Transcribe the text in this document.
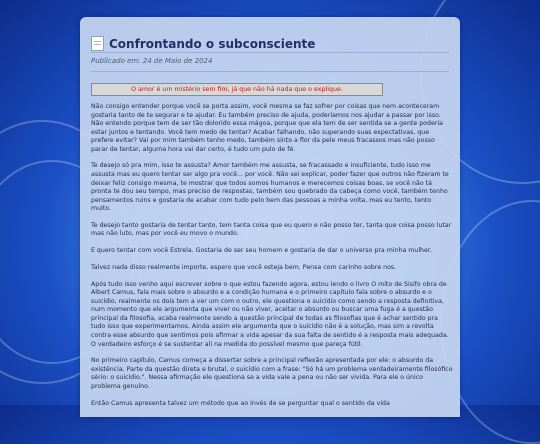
Confrontando o subconsciente
Publicado em: 24 de Maio de 2024
O amor é um mistério sem fim, já que não há nada que o explique.

Não consigo entender porque você se porta assim, você mesma se faz sofrer por coisas que nem aconteceram gostaria tanto de te segurar e te ajudar. Eu também preciso de ajuda, poderíamos nos ajudar a passar por isso. Não entendo porque tem de ser tão dolorido essa mágoa, porque que ela tem de ser sentida se a gente poderia estar juntos e tentando. Você tem medo de tentar? Acabar falhando, não superando suas expectativas, que prefere evitar? Vai por mim também tenho medo, também sinto a flor da pele meus fracassos mas não posso parar de tentar, alguma hora vai dar certo, é tudo um pulo de fé.

Te desejo só pra mim, isso te assusta? Amor também me assusta, se fracassado e insuficiente, tudo isso me assusta mas eu quero tentar ser algo pra você... por você. Não sei explicar, poder fazer que outros não fizeram te deixar feliz consigo mesma, te mostrar que todos somos humanos e merecemos coisas boas, se você não tá pronta te dou seu tempo, mas preciso de respostas, também sou quebrado da cabeça como você, também tenho pensamentos ruins e gostaria de acabar com tudo pelo bem das pessoas a minha volta, mas eu tento, tento muito.

Te desejo tanto gostaria de tentar tanto, tem tanta coisa que eu quero e não posso ter, tanta que coisa posso lutar mas não luto, mas por você eu movo o mundo.

E quero tentar com você Estrela. Gostaria de ser seu homem e gostaria de dar o universo pra minha mulher.

Talvez nada disso realmente importe, espero que você esteja bem. Pensa com carinho sobre nos.

Após tudo isso venho aqui escrever sobre o que estou fazendo agora, estou lendo o livro O mito de Sisifo obra de Albert Camus, fala mais sobre o absurdo e a condição humana e o primeiro capítulo fala sobre o absurdo e o suicídio, realmente os dois tem a ver um com o outro, ele questiona o suicídio como sendo a resposta definitiva, num momento que ele argumenta que viver ou não viver, aceitar o absurdo ou buscar uma fuga é a questão principal da filosofia, acaba realmente sendo a questão principal de todas as filosofias que é achar sentido pra tudo isso que experimentamos. Ainda assim ele argumenta que o suicídio não é a solução, mas sim a revolta contra esse absurdo que sentimos pois afirmar a vida apesar da sua falta de sentido é a resposta mais adequada. O verdadeiro esforço é se sustentar ali na medida do possível mesmo que pareça fútil.

No primeiro capítulo, Camus começa a dissertar sobre a principal reflexão apresentada por ele: o absurdo da existência. Parte da questão direta e brutal, o suicídio com a frase: "Só há um problema verdadeiramente filosófico sério: o suicídio.". Nessa afirmação ele questiona se a vida vale a pena ou não ser vivida. Para ele o único problema genuíno.

Então Camus apresenta talvez um método que ao invés de se perguntar qual o sentido da vida
